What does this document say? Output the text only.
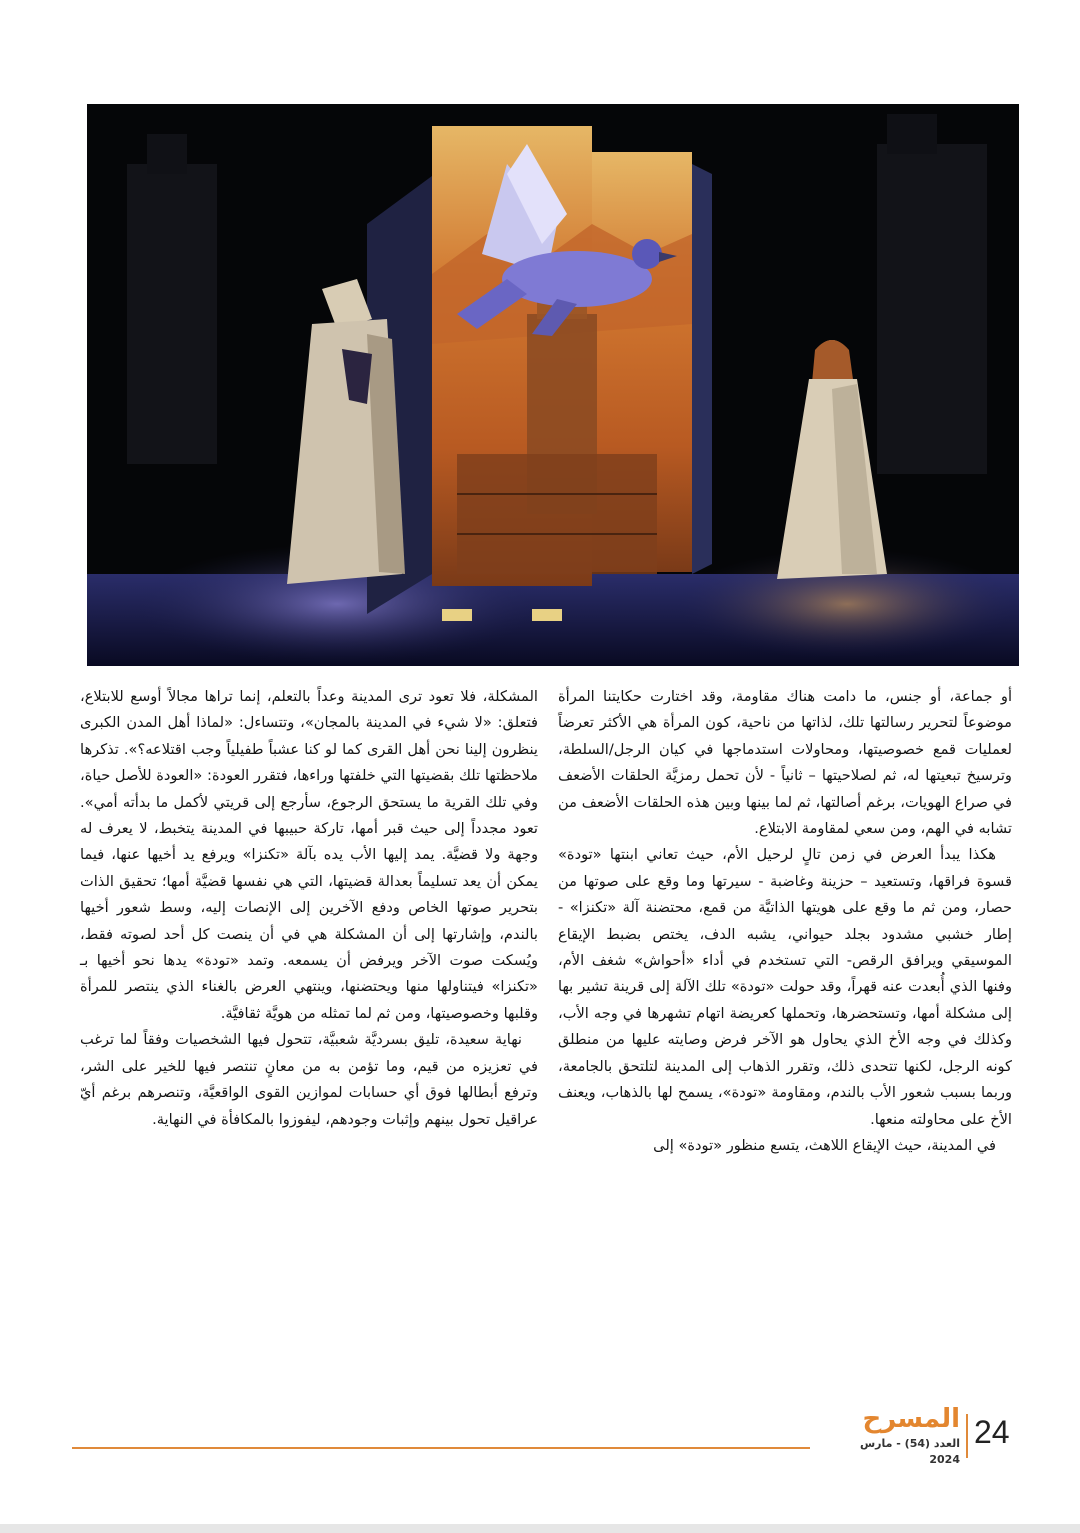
أو جماعة، أو جنس، ما دامت هناك مقاومة، وقد اختارت حكايتنا المرأة موضوعاً لتحرير رسالتها تلك، لذاتها من ناحية، كون المرأة هي الأكثر تعرضاً لعمليات قمع خصوصيتها، ومحاولات استدماجها في كيان الرجل/السلطة، وترسيخ تبعيتها له، ثم لصلاحيتها – ثانياً - لأن تحمل رمزيَّة الحلقات الأضعف في صراع الهويات، برغم أصالتها، ثم لما بينها وبين هذه الحلقات الأضعف من تشابه في الهم، ومن سعي لمقاومة الابتلاع.

هكذا يبدأ العرض في زمن تالٍ لرحيل الأم، حيث تعاني ابنتها «تودة» قسوة فراقها، وتستعيد – حزينة وغاضبة - سيرتها وما وقع على صوتها من حصار، ومن ثم ما وقع على هويتها الذاتيَّة من قمع، محتضنة آلة «تكنزا» - إطار خشبي مشدود بجلد حيواني، يشبه الدف، يختص بضبط الإيقاع الموسيقي ويرافق الرقص- التي تستخدم في أداء «أحواش» شغف الأم، وفنها الذي أُبعدت عنه قهراً، وقد حولت «تودة» تلك الآلة إلى قرينة تشير بها إلى مشكلة أمها، وتستحضرها، وتحملها كعريضة اتهام تشهرها في وجه الأب، وكذلك في وجه الأخ الذي يحاول هو الآخر فرض وصايته عليها من منطلق كونه الرجل، لكنها تتحدى ذلك، وتقرر الذهاب إلى المدينة لتلتحق بالجامعة، وربما بسبب شعور الأب بالندم، ومقاومة «تودة»، يسمح لها بالذهاب، ويعنف الأخ على محاولته منعها.

في المدينة، حيث الإيقاع اللاهث، يتسع منظور «تودة» إلى

المشكلة، فلا تعود ترى المدينة وعداً بالتعلم، إنما تراها مجالاً أوسع للابتلاع، فتعلق: «لا شيء في المدينة بالمجان»، وتتساءل: «لماذا أهل المدن الكبرى ينظرون إلينا نحن أهل القرى كما لو كنا عشباً طفيلياً وجب اقتلاعه؟». تذكرها ملاحظتها تلك بقضيتها التي خلفتها وراءها، فتقرر العودة: «العودة للأصل حياة، وفي تلك القرية ما يستحق الرجوع، سأرجع إلى قريتي لأكمل ما بدأته أمي». تعود مجدداً إلى حيث قبر أمها، تاركة حبيبها في المدينة يتخبط، لا يعرف له وجهة ولا قضيَّة. يمد إليها الأب يده بآلة «تكنزا» ويرفع يد أخيها عنها، فيما يمكن أن يعد تسليماً بعدالة قضيتها، التي هي نفسها قضيَّة أمها؛ تحقيق الذات بتحرير صوتها الخاص ودفع الآخرين إلى الإنصات إليه، وسط شعور أخيها بالندم، وإشارتها إلى أن المشكلة هي في أن ينصت كل أحد لصوته فقط، ويُسكت صوت الآخر ويرفض أن يسمعه. وتمد «تودة» يدها نحو أخيها بـ «تكنزا» فيتناولها منها ويحتضنها، وينتهي العرض بالغناء الذي ينتصر للمرأة وقلبها وخصوصيتها، ومن ثم لما تمثله من هويَّة ثقافيَّة.

نهاية سعيدة، تليق بسرديَّة شعبيَّة، تتحول فيها الشخصيات وفقاً لما ترغب في تعزيزه من قيم، وما تؤمن به من معانٍ تنتصر فيها للخير على الشر، وترفع أبطالها فوق أي حسابات لموازين القوى الواقعيَّة، وتنصرهم برغم أيّ عراقيل تحول بينهم وإثبات وجودهم، ليفوزوا بالمكافأة في النهاية.

24
المسرح
العدد (54) - مارس 2024
